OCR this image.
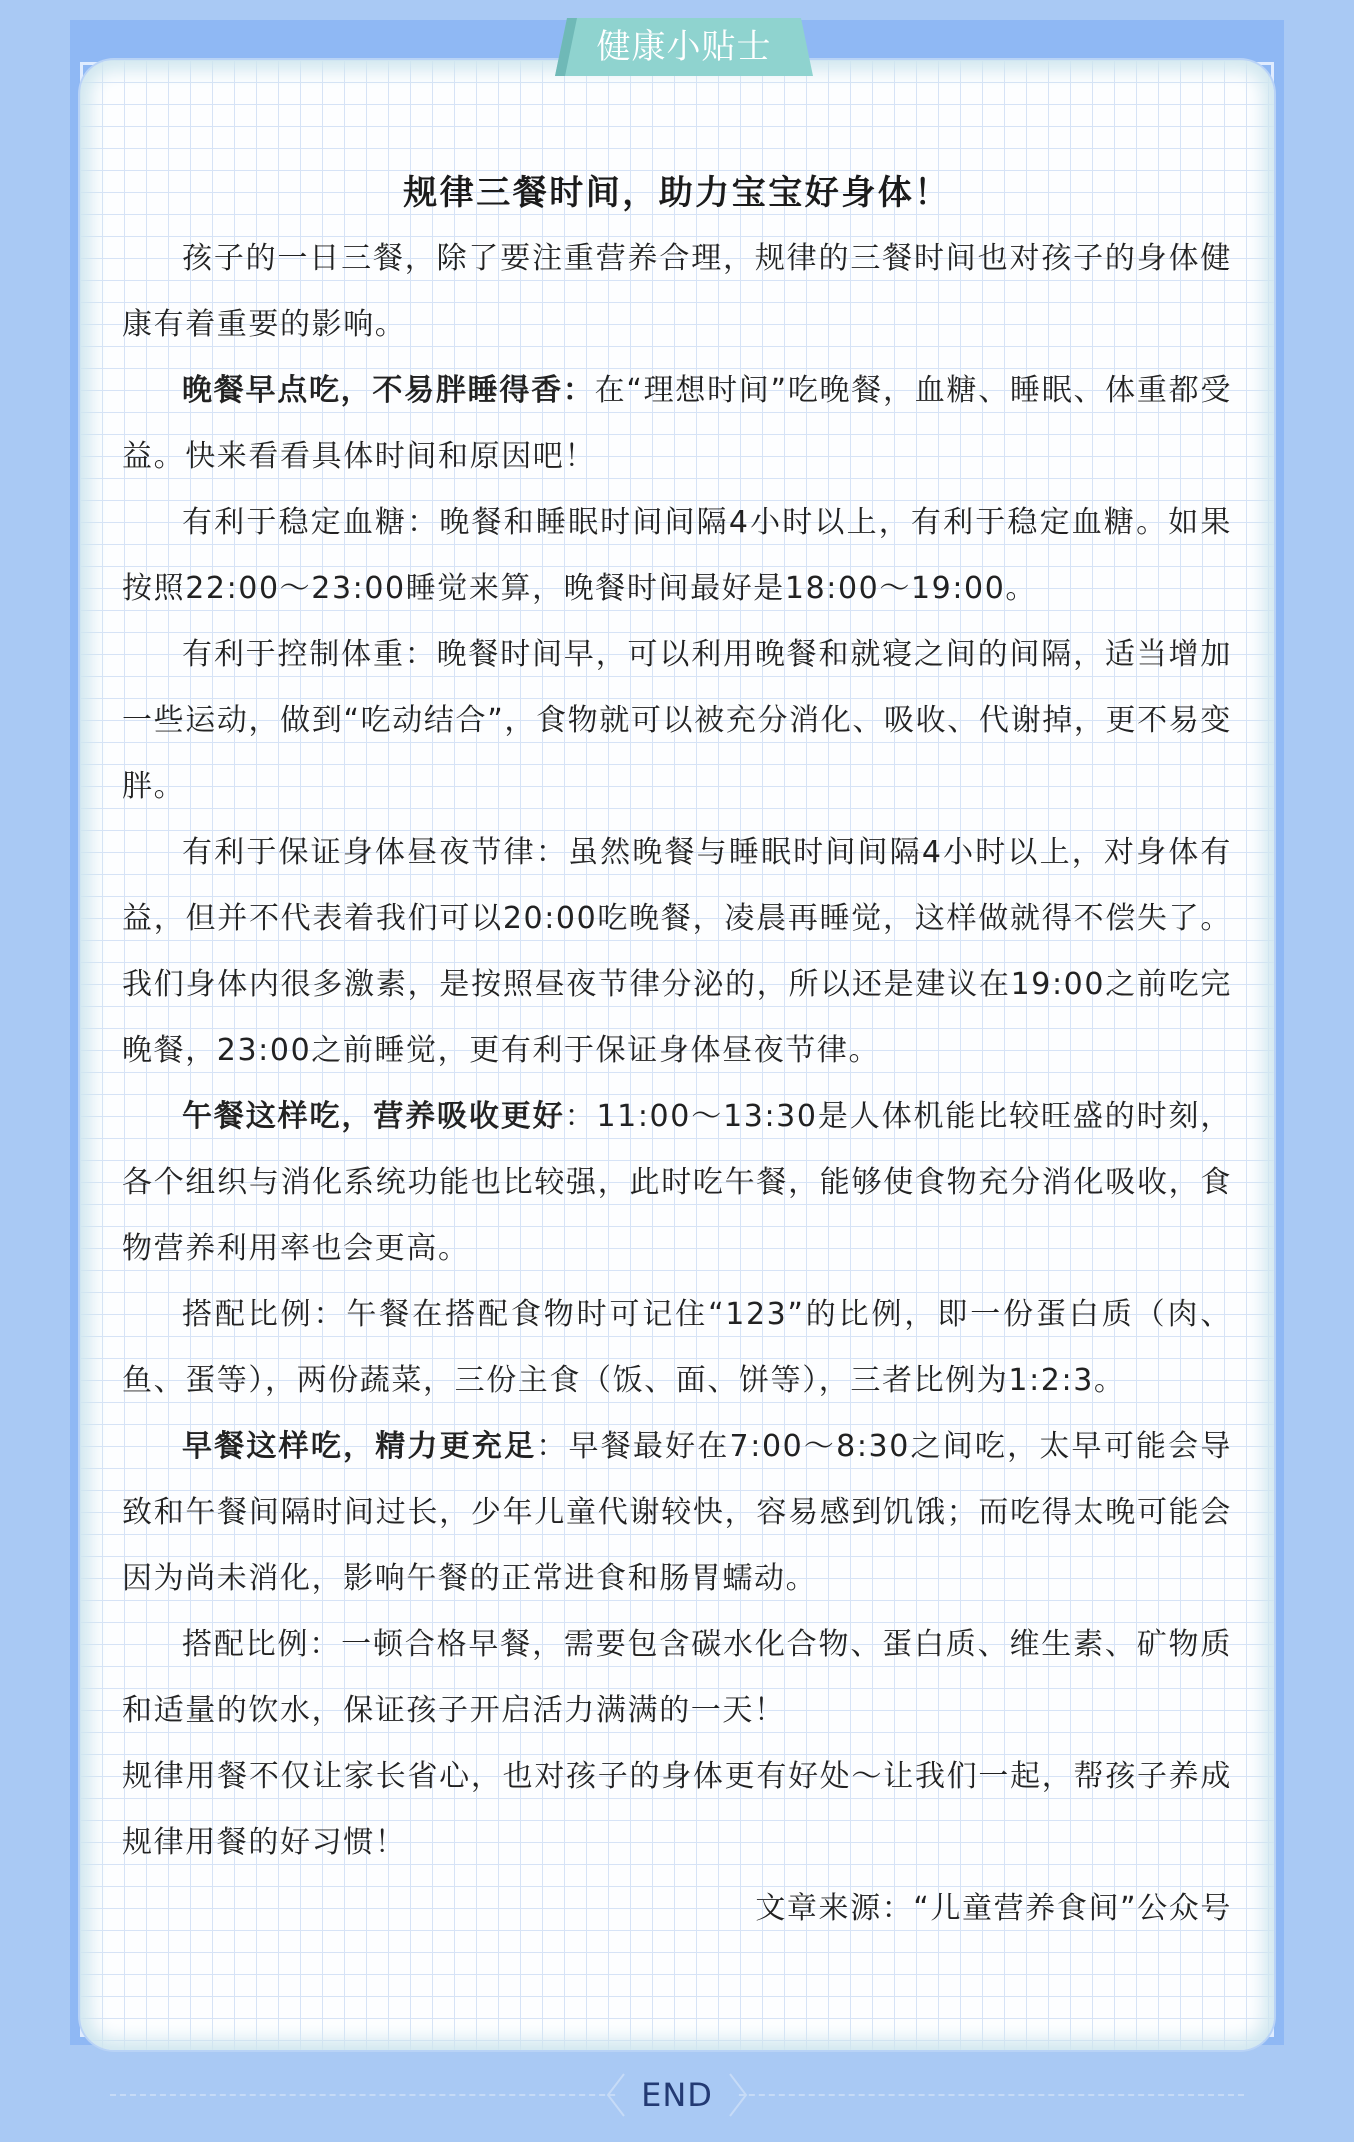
健康小贴士
规律三餐时间，助力宝宝好身体！

孩子的一日三餐，除了要注重营养合理，规律的三餐时间也对孩子的身体健康有着重要的影响。

晚餐早点吃，不易胖睡得香：在“理想时间”吃晚餐，血糖、睡眠、体重都受益。快来看看具体时间和原因吧！

有利于稳定血糖：晚餐和睡眠时间间隔4小时以上，有利于稳定血糖。如果按照22:00～23:00睡觉来算，晚餐时间最好是18:00～19:00。

有利于控制体重：晚餐时间早，可以利用晚餐和就寝之间的间隔，适当增加一些运动，做到“吃动结合”，食物就可以被充分消化、吸收、代谢掉，更不易变胖。

有利于保证身体昼夜节律：虽然晚餐与睡眠时间间隔4小时以上，对身体有益，但并不代表着我们可以20:00吃晚餐，凌晨再睡觉，这样做就得不偿失了。我们身体内很多激素，是按照昼夜节律分泌的，所以还是建议在19:00之前吃完晚餐，23:00之前睡觉，更有利于保证身体昼夜节律。

午餐这样吃，营养吸收更好：11:00～13:30是人体机能比较旺盛的时刻，各个组织与消化系统功能也比较强，此时吃午餐，能够使食物充分消化吸收，食物营养利用率也会更高。

搭配比例：午餐在搭配食物时可记住“123”的比例，即一份蛋白质（肉、鱼、蛋等），两份蔬菜，三份主食（饭、面、饼等），三者比例为1:2:3。

早餐这样吃，精力更充足：早餐最好在7:00～8:30之间吃，太早可能会导致和午餐间隔时间过长，少年儿童代谢较快，容易感到饥饿；而吃得太晚可能会因为尚未消化，影响午餐的正常进食和肠胃蠕动。

搭配比例：一顿合格早餐，需要包含碳水化合物、蛋白质、维生素、矿物质和适量的饮水，保证孩子开启活力满满的一天！

规律用餐不仅让家长省心，也对孩子的身体更有好处～让我们一起，帮孩子养成规律用餐的好习惯！

文章来源：“儿童营养食间”公众号

END
